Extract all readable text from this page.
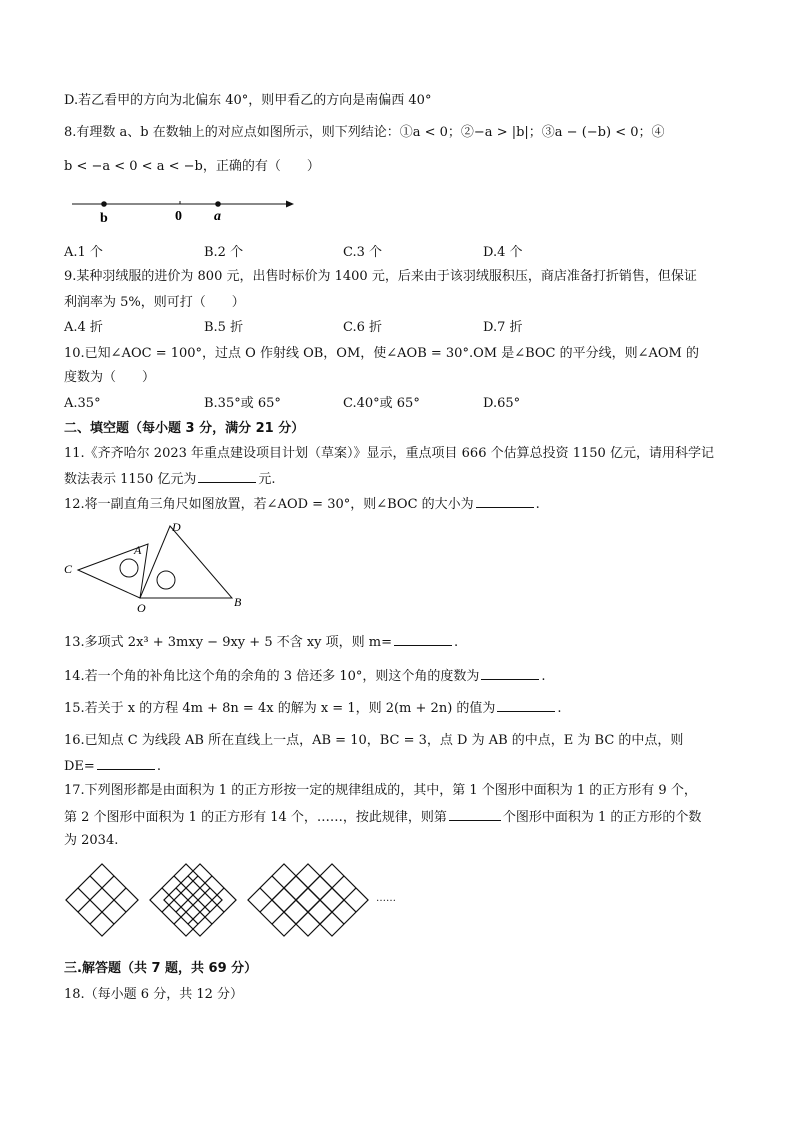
D.若乙看甲的方向为北偏东 40°，则甲看乙的方向是南偏西 40°
8.有理数 a、b 在数轴上的对应点如图所示，则下列结论：①a < 0；②−a > |b|；③a − (−b) < 0；④
b < −a < 0 < a < −b，正确的有（　　）
b	0 a
A.1 个	B.2 个	C.3 个	D.4 个
9.某种羽绒服的进价为 800 元，出售时标价为 1400 元，后来由于该羽绒服积压，商店准备打折销售，但保证
利润率为 5%，则可打（　　）
A.4 折	B.5 折	C.6 折	D.7 折
10.已知∠AOC = 100°，过点 O 作射线 OB，OM，使∠AOB = 30°.OM 是∠BOC 的平分线，则∠AOM 的
度数为（　　）
A.35°	B.35°或 65°	C.40°或 65°	D.65°
二、填空题（每小题 3 分，满分 21 分）
11.《齐齐哈尔 2023 年重点建设项目计划（草案）》显示，重点项目 666 个估算总投资 1150 亿元，请用科学记
数法表示 1150 亿元为	元.
12.将一副直角三角尺如图放置，若∠AOD = 30°，则∠BOC 的大小为	.
D
A
C
O	B
13.多项式 2x³ + 3mxy − 9xy + 5 不含 xy 项，则 m=	.
14.若一个角的补角比这个角的余角的 3 倍还多 10°，则这个角的度数为	.
15.若关于 x 的方程 4m + 8n = 4x 的解为 x = 1，则 2(m + 2n) 的值为	.
16.已知点 C 为线段 AB 所在直线上一点，AB = 10，BC = 3，点 D 为 AB 的中点，E 为 BC 的中点，则
DE=	.
17.下列图形都是由面积为 1 的正方形按一定的规律组成的，其中，第 1 个图形中面积为 1 的正方形有 9 个，
第 2 个图形中面积为 1 的正方形有 14 个，……，按此规律，则第	个图形中面积为 1 的正方形的个数
为 2034.
……
三.解答题（共 7 题，共 69 分）
18.（每小题 6 分，共 12 分）
